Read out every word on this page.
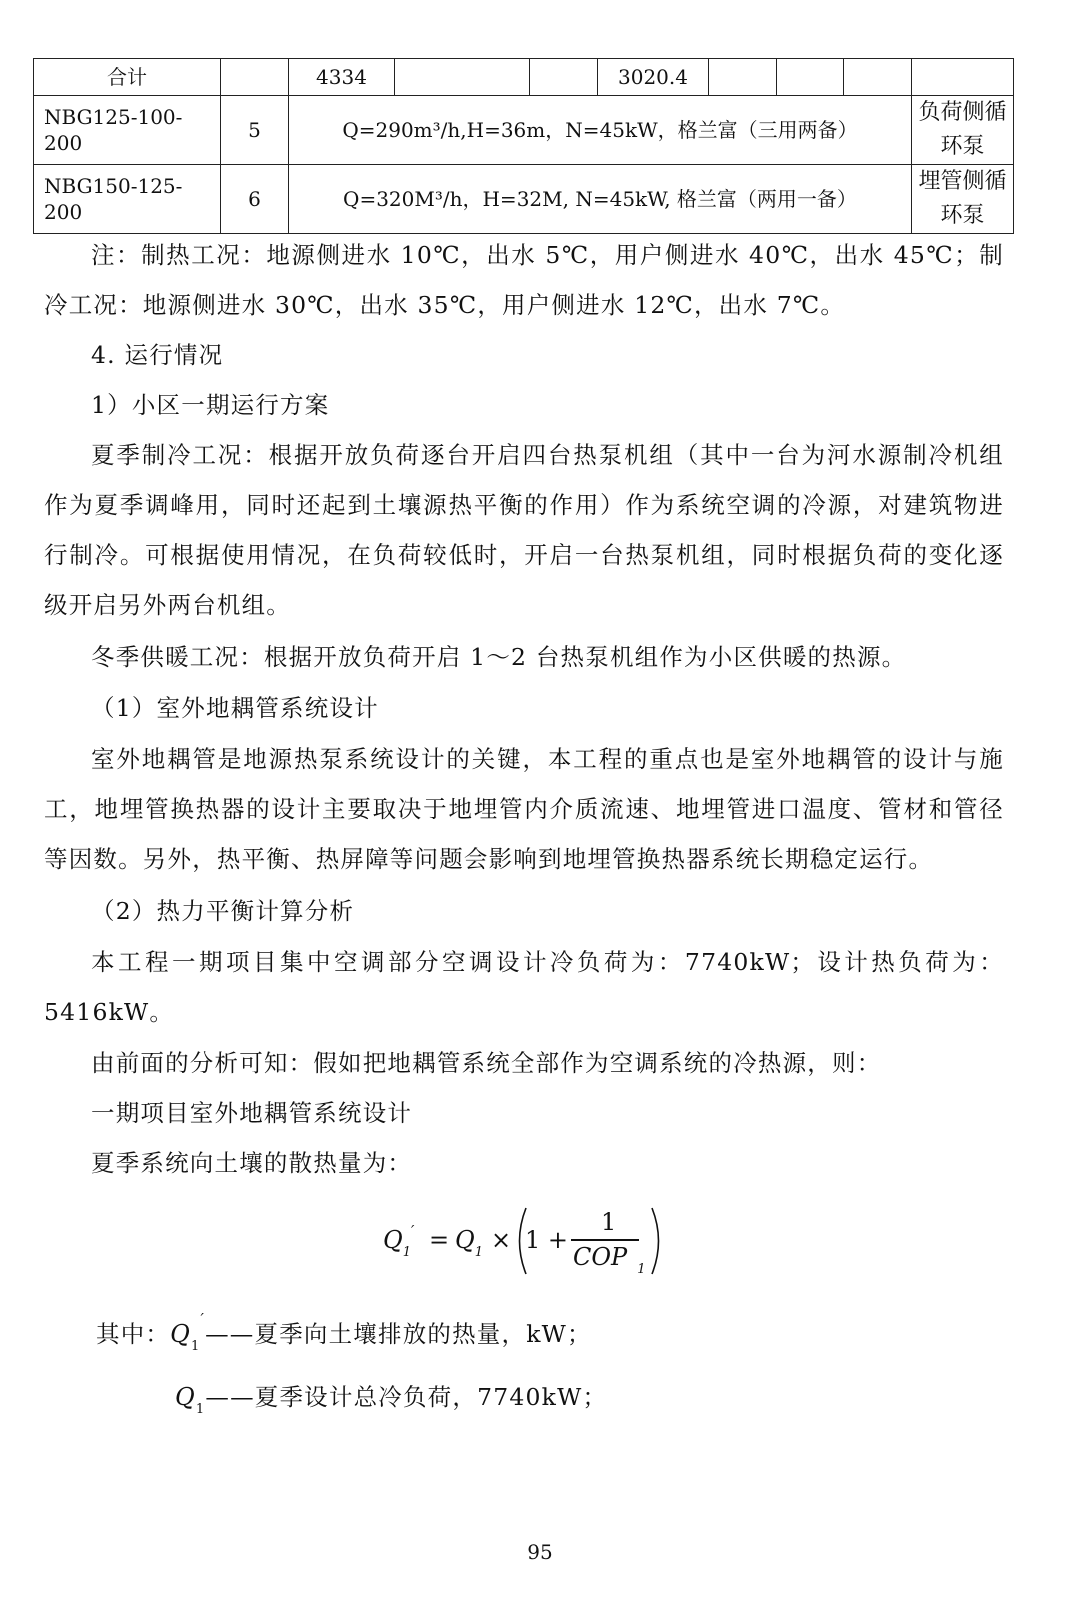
合计		4334			3020.4				
NBG125-100-200	5	Q=290m³/h,H=36m，N=45kW，格兰富（三用两备）							负荷侧循环泵
NBG150-125-200	6	Q=320M³/h，H=32M, N=45kW, 格兰富（两用一备）							埋管侧循环泵

注：制热工况：地源侧进水 10℃，出水 5℃，用户侧进水 40℃，出水 45℃；制冷工况：地源侧进水 30℃，出水 35℃，用户侧进水 12℃，出水 7℃。

4. 运行情况

1）小区一期运行方案

夏季制冷工况：根据开放负荷逐台开启四台热泵机组（其中一台为河水源制冷机组作为夏季调峰用，同时还起到土壤源热平衡的作用）作为系统空调的冷源，对建筑物进行制冷。可根据使用情况，在负荷较低时，开启一台热泵机组，同时根据负荷的变化逐级开启另外两台机组。

冬季供暖工况：根据开放负荷开启 1～2 台热泵机组作为小区供暖的热源。

（1）室外地耦管系统设计

室外地耦管是地源热泵系统设计的关键，本工程的重点也是室外地耦管的设计与施工，地埋管换热器的设计主要取决于地埋管内介质流速、地埋管进口温度、管材和管径等因数。另外，热平衡、热屏障等问题会影响到地埋管换热器系统长期稳定运行。

（2）热力平衡计算分析

本工程一期项目集中空调部分空调设计冷负荷为：7740kW；设计热负荷为：5416kW。

由前面的分析可知：假如把地耦管系统全部作为空调系统的冷热源，则：

一期项目室外地耦管系统设计

夏季系统向土壤的散热量为：

$Q_1' = Q_1 \times 1$ +
1
COP $_1$
其中：$Q_1'——$夏季向土壤排放的热量，kW；
$Q_1——$夏季设计总冷负荷，7740kW；
95
